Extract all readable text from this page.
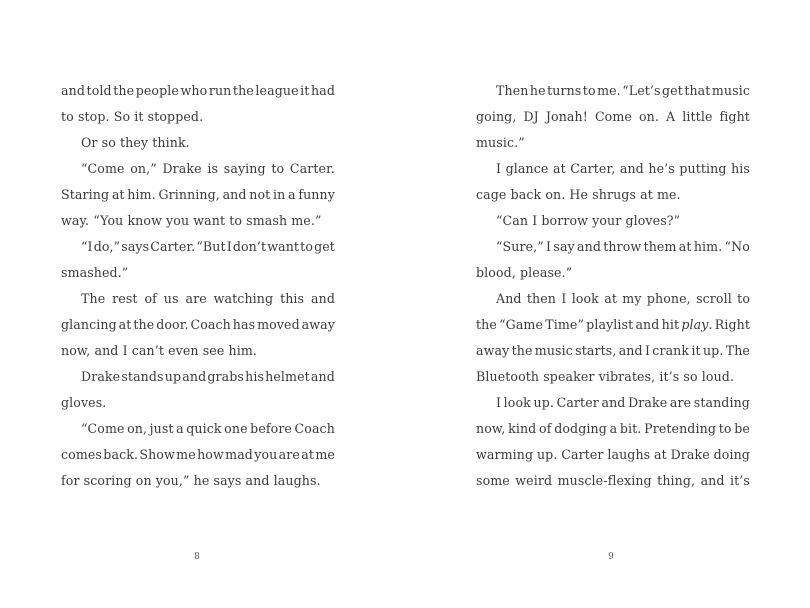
and told the people who run the league it had
to stop. So it stopped.
Or so they think.
“Come on,” Drake is saying to Carter.
Staring at him. Grinning, and not in a funny
way. “You know you want to smash me.”
“I do,” says Carter. “But I don’t want to get
smashed.”
The rest of us are watching this and
glancing at the door. Coach has moved away
now, and I can’t even see him.
Drake stands up and grabs his helmet and
gloves.
“Come on, just a quick one before Coach
comes back. Show me how mad you are at me
for scoring on you,” he says and laughs.
Then he turns to me. “Let’s get that music
going, DJ Jonah! Come on. A little fight
music.”
I glance at Carter, and he’s putting his
cage back on. He shrugs at me.
“Can I borrow your gloves?”
“Sure,” I say and throw them at him. “No
blood, please.”
And then I look at my phone, scroll to
the “Game Time” playlist and hit play. Right
away the music starts, and I crank it up. The
Bluetooth speaker vibrates, it’s so loud.
I look up. Carter and Drake are standing
now, kind of dodging a bit. Pretending to be
warming up. Carter laughs at Drake doing
some weird muscle-flexing thing, and it’s
8	9
